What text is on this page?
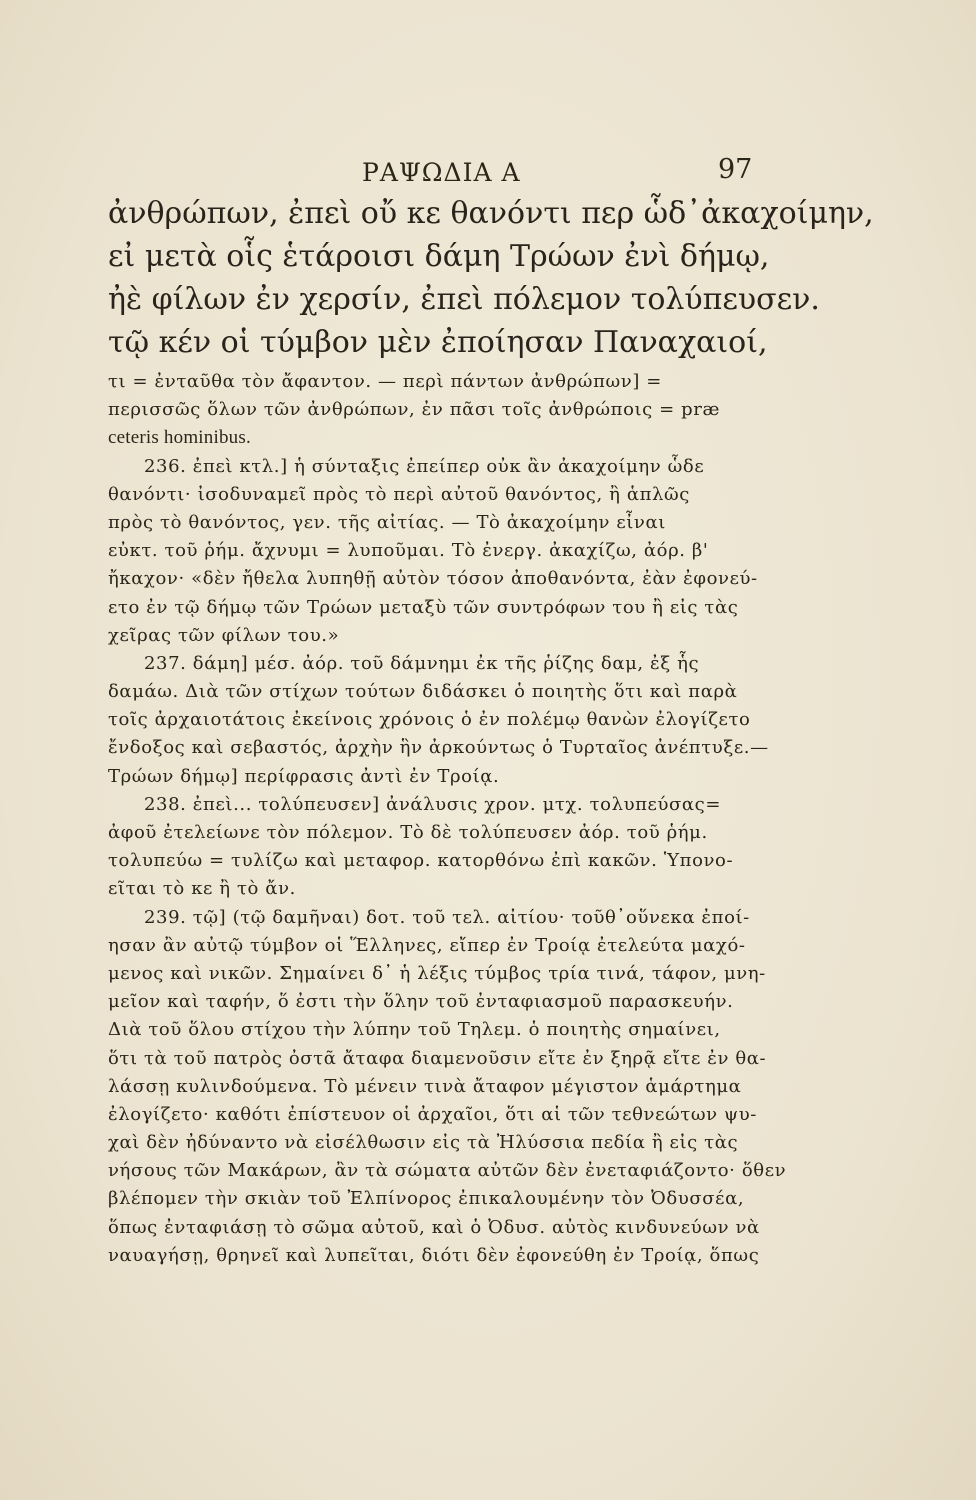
ΡΑΨΩΔΙΑ Α	97
ἀνθρώπων, ἐπεὶ οὔ κε θανόντι περ ὧδ᾽ἀκαχοίμην,
εἰ μετὰ οἷς ἑτάροισι δάμη Τρώων ἐνὶ δήμῳ,
ἠὲ φίλων ἐν χερσίν, ἐπεὶ πόλεμον τολύπευσεν.
τῷ κέν οἱ τύμβον μὲν ἐποίησαν Παναχαιοί,
τι = ἐνταῦθα τὸν ἄφαντον. — περὶ πάντων ἀνθρώπων] =
περισσῶς ὅλων τῶν ἀνθρώπων, ἐν πᾶσι τοῖς ἀνθρώποις = præ
ceteris hominibus.
236. ἐπεὶ κτλ.] ἡ σύνταξις ἐπείπερ οὐκ ἂν ἀκαχοίμην ὧδε
θανόντι· ἰσοδυναμεῖ πρὸς τὸ περὶ αὐτοῦ θανόντος, ἢ ἁπλῶς
πρὸς τὸ θανόντος, γεν. τῆς αἰτίας. — Τὸ ἀκαχοίμην εἶναι
εὐκτ. τοῦ ῥήμ. ἄχνυμι = λυποῦμαι. Τὸ ἐνεργ. ἀκαχίζω, ἀόρ. β'
ἤκαχον· «δὲν ἤθελα λυπηθῇ αὐτὸν τόσον ἀποθανόντα, ἐὰν ἐφονεύ-
ετο ἐν τῷ δήμῳ τῶν Τρώων μεταξὺ τῶν συντρόφων του ἢ εἰς τὰς
χεῖρας τῶν φίλων του.»
237. δάμη] μέσ. ἀόρ. τοῦ δάμνημι ἐκ τῆς ῥίζης δαμ, ἐξ ἧς
δαμάω. Διὰ τῶν στίχων τούτων διδάσκει ὁ ποιητὴς ὅτι καὶ παρὰ
τοῖς ἀρχαιοτάτοις ἐκείνοις χρόνοις ὁ ἐν πολέμῳ θανὼν ἐλογίζετο
ἔνδοξος καὶ σεβαστός, ἀρχὴν ἣν ἀρκούντως ὁ Τυρταῖος ἀνέπτυξε.—
Τρώων δήμῳ] περίφρασις ἀντὶ ἐν Τροίᾳ.
238. ἐπεὶ... τολύπευσεν] ἀνάλυσις χρον. μτχ. τολυπεύσας=
ἀφοῦ ἐτελείωνε τὸν πόλεμον. Τὸ δὲ τολύπευσεν ἀόρ. τοῦ ῥήμ.
τολυπεύω = τυλίζω καὶ μεταφορ. κατορθόνω ἐπὶ κακῶν. Ὑπονο-
εῖται τὸ κε ἢ τὸ ἄν.
239. τῷ] (τῷ δαμῆναι) δοτ. τοῦ τελ. αἰτίου· τοῦθ᾽οὕνεκα ἐποί-
ησαν ἂν αὐτῷ τύμβον οἱ Ἕλληνες, εἴπερ ἐν Τροίᾳ ἐτελεύτα μαχό-
μενος καὶ νικῶν. Σημαίνει δ᾽ ἡ λέξις τύμβος τρία τινά, τάφον, μνη-
μεῖον καὶ ταφήν, ὅ ἐστι τὴν ὅλην τοῦ ἐνταφιασμοῦ παρασκευήν.
Διὰ τοῦ ὅλου στίχου τὴν λύπην τοῦ Τηλεμ. ὁ ποιητὴς σημαίνει,
ὅτι τὰ τοῦ πατρὸς ὀστᾶ ἄταφα διαμενοῦσιν εἴτε ἐν ξηρᾷ εἴτε ἐν θα-
λάσσῃ κυλινδούμενα. Τὸ μένειν τινὰ ἄταφον μέγιστον ἁμάρτημα
ἐλογίζετο· καθότι ἐπίστευον οἱ ἀρχαῖοι, ὅτι αἱ τῶν τεθνεώτων ψυ-
χαὶ δὲν ἠδύναντο νὰ εἰσέλθωσιν εἰς τὰ Ἠλύσσια πεδία ἢ εἰς τὰς
νήσους τῶν Μακάρων, ἂν τὰ σώματα αὐτῶν δὲν ἐνεταφιάζοντο· ὅθεν
βλέπομεν τὴν σκιὰν τοῦ Ἐλπίνορος ἐπικαλουμένην τὸν Ὀδυσσέα,
ὅπως ἐνταφιάσῃ τὸ σῶμα αὐτοῦ, καὶ ὁ Ὀδυσ. αὐτὸς κινδυνεύων νὰ
ναυαγήσῃ, θρηνεῖ καὶ λυπεῖται, διότι δὲν ἐφονεύθη ἐν Τροίᾳ, ὅπως
